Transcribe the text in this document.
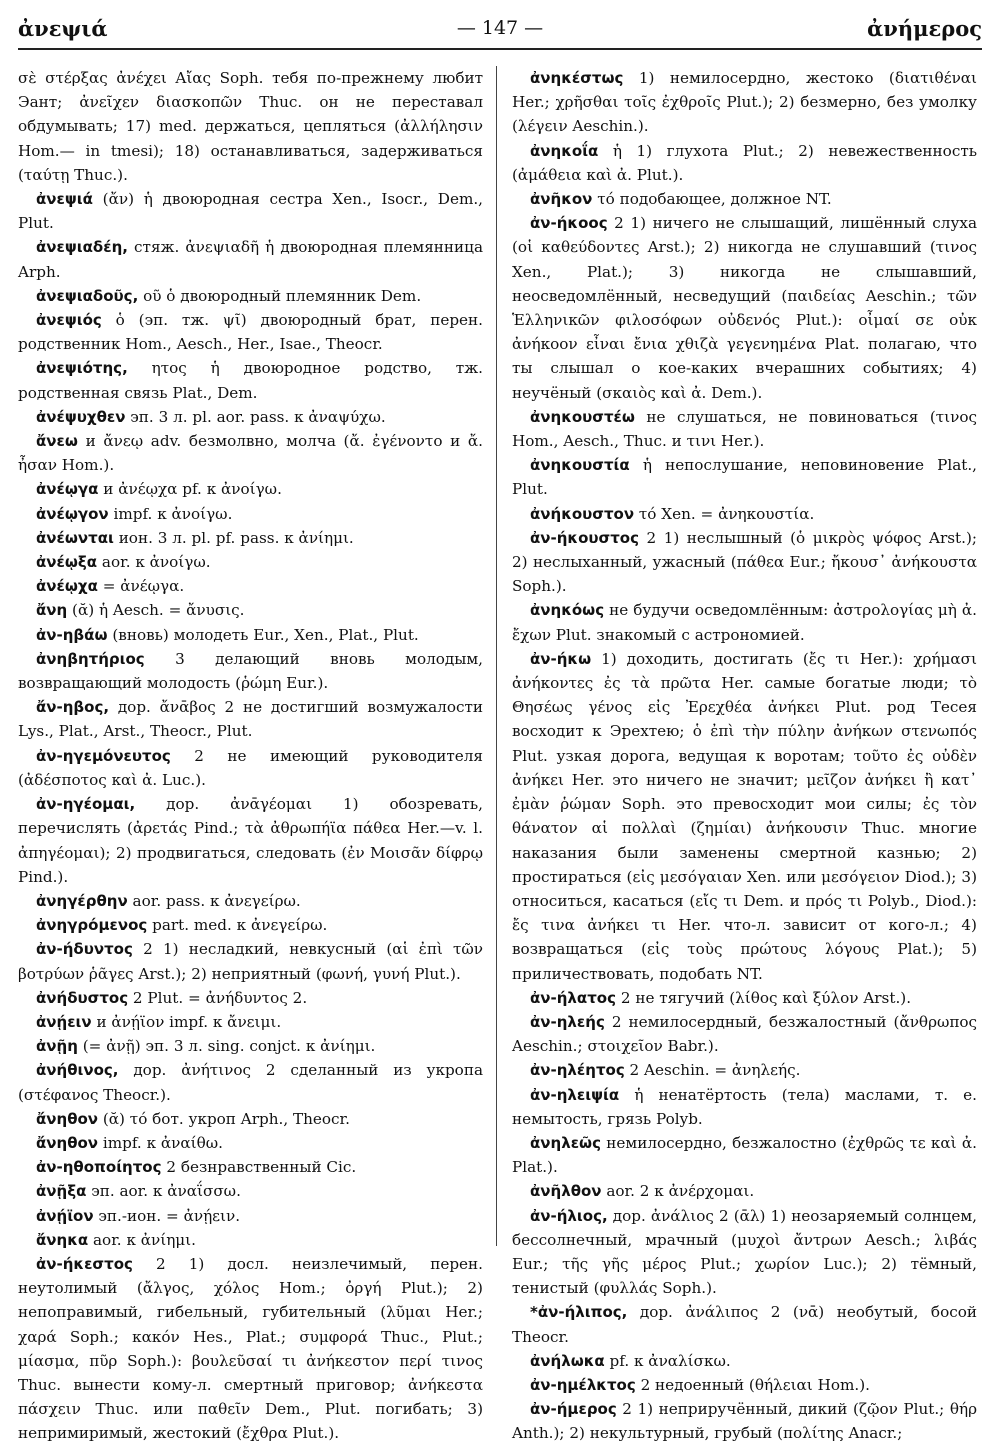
ἀνεψιά	— 147 —	ἀνήμερος

σὲ στέρξας ἀνέχει Αἴας Soph. тебя по-прежнему любит Эант; ἀνεῖχεν διασκοπῶν Thuc. он не переставал обдумывать; 17) med. держаться, цепляться (ἀλλήλησιν Hom.— in tmesi); 18) останавливаться, задерживаться (ταύτῃ Thuc.).

ἀνεψιά (ἄν) ἡ двоюродная сестра Xen., Isocr., Dem., Plut.

ἀνεψιαδέη, стяж. ἀνεψιαδῆ ἡ двоюродная племянница Arph.

ἀνεψιαδοῦς, οῦ ὁ двоюродный племянник Dem.

ἀνεψιός ὁ (эп. тж. ψῖ) двоюродный брат, перен. родственник Hom., Aesch., Her., Isae., Theocr.

ἀνεψιότης, ητος ἡ двоюродное родство, тж. родственная связь Plat., Dem.

ἀνέψυχθεν эп. 3 л. pl. aor. pass. к ἀναψύχω.

ἄνεω и ἄνεῳ adv. безмолвно, молча (ἄ. ἐγένοντο и ἄ. ἦσαν Hom.).

ἀνέῳγα и ἀνέῳχα pf. к ἀνοίγω.

ἀνέῳγον impf. к ἀνοίγω.

ἀνέωνται ион. 3 л. pl. pf. pass. к ἀνίημι.

ἀνέῳξα aor. к ἀνοίγω.

ἀνέῳχα = ἀνέῳγα.

ἄνη (ᾰ) ἡ Aesch. = ἄνυσις.

ἀν-ηβάω (вновь) молодеть Eur., Xen., Plat., Plut.

ἀνηβητήριος 3 делающий вновь молодым, возвращающий молодость (ῥώμη Eur.).

ἄν-ηβος, дор. ἄνᾱβος 2 не достигший возмужалости Lys., Plat., Arst., Theocr., Plut.

ἀν-ηγεμόνευτος 2 не имеющий руководителя (ἀδέσποτος καὶ ἀ. Luc.).

ἀν-ηγέομαι, дор. ἀνᾱγέομαι 1) обозревать, перечислять (ἀρετάς Pind.; τὰ ἀθρωπήϊα πάθεα Her.—v. l. ἀπηγέομαι); 2) продвигаться, следовать (ἐν Μοισᾶν δίφρῳ Pind.).

ἀνηγέρθην aor. pass. к ἀνεγείρω.

ἀνηγρόμενος part. med. к ἀνεγείρω.

ἀν-ήδυντος 2 1) несладкий, невкусный (αἱ ἐπὶ τῶν βοτρύων ῥᾶγες Arst.); 2) неприятный (φωνή, γυνή Plut.).

ἀνήδυστος 2 Plut. = ἀνήδυντος 2.

ἀνῄειν и ἀνῄϊον impf. к ἄνειμι.

ἀνῇη (= ἀνῇ) эп. 3 л. sing. conjct. к ἀνίημι.

ἀνήθινος, дор. ἀνήτινος 2 сделанный из укропа (στέφανος Theocr.).

ἄνηθον (ᾰ) τό бот. укроп Arph., Theocr.

ἄνηθον impf. к ἀναίθω.

ἀν-ηθοποίητος 2 безнравственный Cic.

ἀνῇξα эп. aor. к ἀναΐσσω.

ἀνῄϊον эп.-ион. = ἀνῄειν.

ἄνηκα aor. к ἀνίημι.

ἀν-ήκεστος 2 1) досл. неизлечимый, перен. неутолимый (ἄλγος, χόλος Hom.; ὀργή Plut.); 2) непоправимый, гибельный, губительный (λῦμαι Her.; χαρά Soph.; κακόν Hes., Plat.; συμφορά Thuc., Plut.; μίασμα, πῦρ Soph.): βουλεῦσαί τι ἀνήκεστον περί τινος Thuc. вынести кому-л. смертный приговор; ἀνήκεστα πάσχειν Thuc. или παθεῖν Dem., Plut. погибать; 3) непримиримый, жестокий (ἔχθρα Plut.).

ἀνηκέστως 1) немилосердно, жестоко (διατιθέναι Her.; χρῆσθαι τοῖς ἐχθροῖς Plut.); 2) безмерно, без умолку (λέγειν Aeschin.).

ἀνηκοΐα ἡ 1) глухота Plut.; 2) невежественность (ἀμάθεια καὶ ἀ. Plut.).

ἀνῆκον τό подобающее, должное NT.

ἀν-ήκοος 2 1) ничего не слышащий, лишённый слуха (οἱ καθεύδοντες Arst.); 2) никогда не слушавший (τινος Xen., Plat.); 3) никогда не слышавший, неосведомлённый, несведущий (παιδείας Aeschin.; τῶν Ἑλληνικῶν φιλοσόφων οὐδενός Plut.): οἶμαί σε οὐκ ἀνήκοον εἶναι ἔνια χθιζὰ γεγενημένα Plat. полагаю, что ты слышал о кое-каких вчерашних событиях; 4) неучёный (σκαιὸς καὶ ἀ. Dem.).

ἀνηκουστέω не слушаться, не повиноваться (τινος Hom., Aesch., Thuc. и τινι Her.).

ἀνηκουστία ἡ непослушание, неповиновение Plat., Plut.

ἀνήκουστον τό Xen. = ἀνηκουστία.

ἀν-ήκουστος 2 1) неслышный (ὁ μικρὸς ψόφος Arst.); 2) неслыханный, ужасный (πάθεα Eur.; ἤκουσ᾽ ἀνήκουστα Soph.).

ἀνηκόως не будучи осведомлённым: ἀστρολογίας μὴ ἀ. ἔχων Plut. знакомый с астрономией.

ἀν-ήκω 1) доходить, достигать (ἔς τι Her.): χρήμασι ἀνήκοντες ἐς τὰ πρῶτα Her. самые богатые люди; τὸ Θησέως γένος εἰς Ἐρεχθέα ἀνήκει Plut. род Тесея восходит к Эрехтею; ὁ ἐπὶ τὴν πύλην ἀνήκων στενωπός Plut. узкая дорога, ведущая к воротам; τοῦτο ἐς οὐδὲν ἀνήκει Her. это ничего не значит; μεῖζον ἀνήκει ἢ κατ᾽ ἐμὰν ῥώμαν Soph. это превосходит мои силы; ἐς τὸν θάνατον αἱ πολλαὶ (ζημίαι) ἀνήκουσιν Thuc. многие наказания были заменены смертной казнью; 2) простираться (εἰς μεσόγαιαν Xen. или μεσόγειον Diod.); 3) относиться, касаться (εἴς τι Dem. и πρός τι Polyb., Diod.): ἔς τινα ἀνήκει τι Her. что-л. зависит от кого-л.; 4) возвращаться (εἰς τοὺς πρώτους λόγους Plat.); 5) приличествовать, подобать NT.

ἀν-ήλατος 2 не тягучий (λίθος καὶ ξύλον Arst.).

ἀν-ηλεής 2 немилосердный, безжалостный (ἄνθρωπος Aeschin.; στοιχεῖον Babr.).

ἀν-ηλέητος 2 Aeschin. = ἀνηλεής.

ἀν-ηλειψία ἡ ненатёртость (тела) маслами, т. е. немытость, грязь Polyb.

ἀνηλεῶς немилосердно, безжалостно (ἐχθρῶς τε καὶ ἀ. Plat.).

ἀνῆλθον aor. 2 к ἀνέρχομαι.

ἀν-ήλιος, дор. ἀνάλιος 2 (ᾱλ) 1) неозаряемый солнцем, бессолнечный, мрачный (μυχοὶ ἄντρων Aesch.; λιβάς Eur.; τῆς γῆς μέρος Plut.; χωρίον Luc.); 2) тёмный, тенистый (φυλλάς Soph.).

*ἀν-ήλιπος, дор. ἀνάλιπος 2 (νᾱ) необутый, босой Theocr.

ἀνήλωκα pf. к ἀναλίσκω.

ἀν-ημέλκτος 2 недоенный (θήλειαι Hom.).

ἀν-ήμερος 2 1) неприручённый, дикий (ζῷον Plut.; θήρ Anth.); 2) некультурный, грубый (πολίτης Anacr.;
